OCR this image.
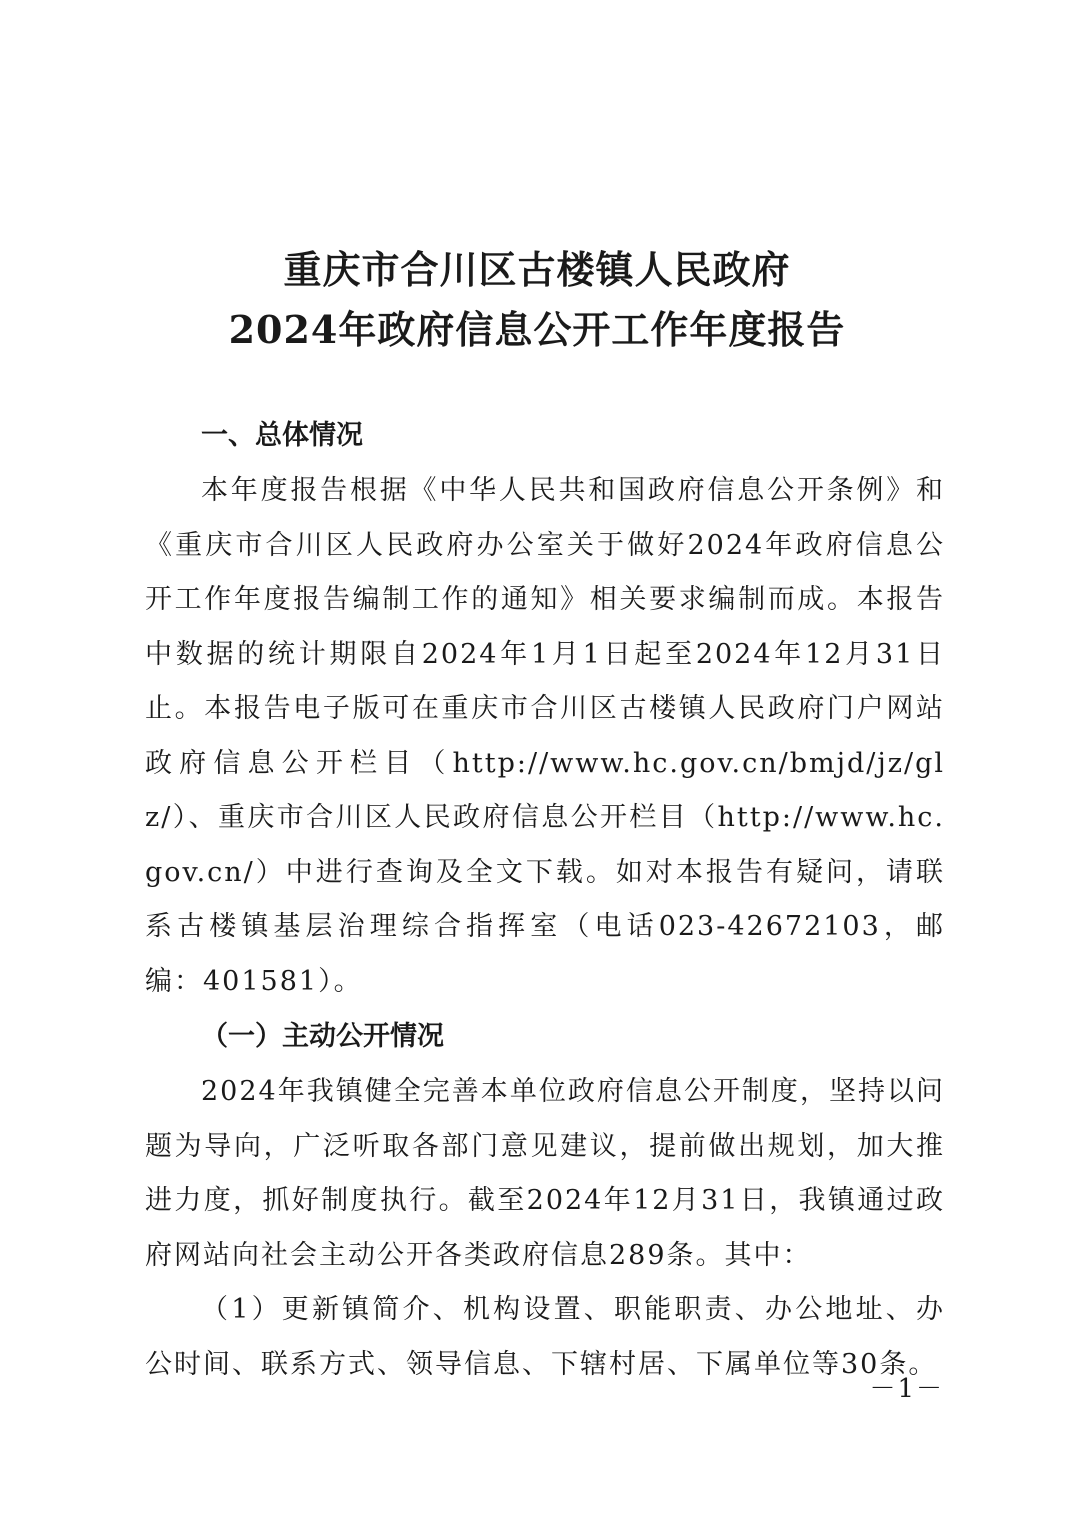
重庆市合川区古楼镇人民政府
2024年政府信息公开工作年度报告
一、总体情况

本年度报告根据《中华人民共和国政府信息公开条例》和《重庆市合川区人民政府办公室关于做好2024年政府信息公开工作年度报告编制工作的通知》相关要求编制而成。本报告中数据的统计期限自2024年1月1日起至2024年12月31日止。本报告电子版可在重庆市合川区古楼镇人民政府门户网站政府信息公开栏目（http://www.hc.gov.cn/bmjd/jz/glz/）、重庆市合川区人民政府信息公开栏目（http://www.hc.gov.cn/）中进行查询及全文下载。如对本报告有疑问，请联系古楼镇基层治理综合指挥室（电话023-42672103，邮编：401581）。

（一）主动公开情况

2024年我镇健全完善本单位政府信息公开制度，坚持以问题为导向，广泛听取各部门意见建议，提前做出规划，加大推进力度，抓好制度执行。截至2024年12月31日，我镇通过政府网站向社会主动公开各类政府信息289条。其中：

（1）更新镇简介、机构设置、职能职责、办公地址、办公时间、联系方式、领导信息、下辖村居、下属单位等30条。

－1－
